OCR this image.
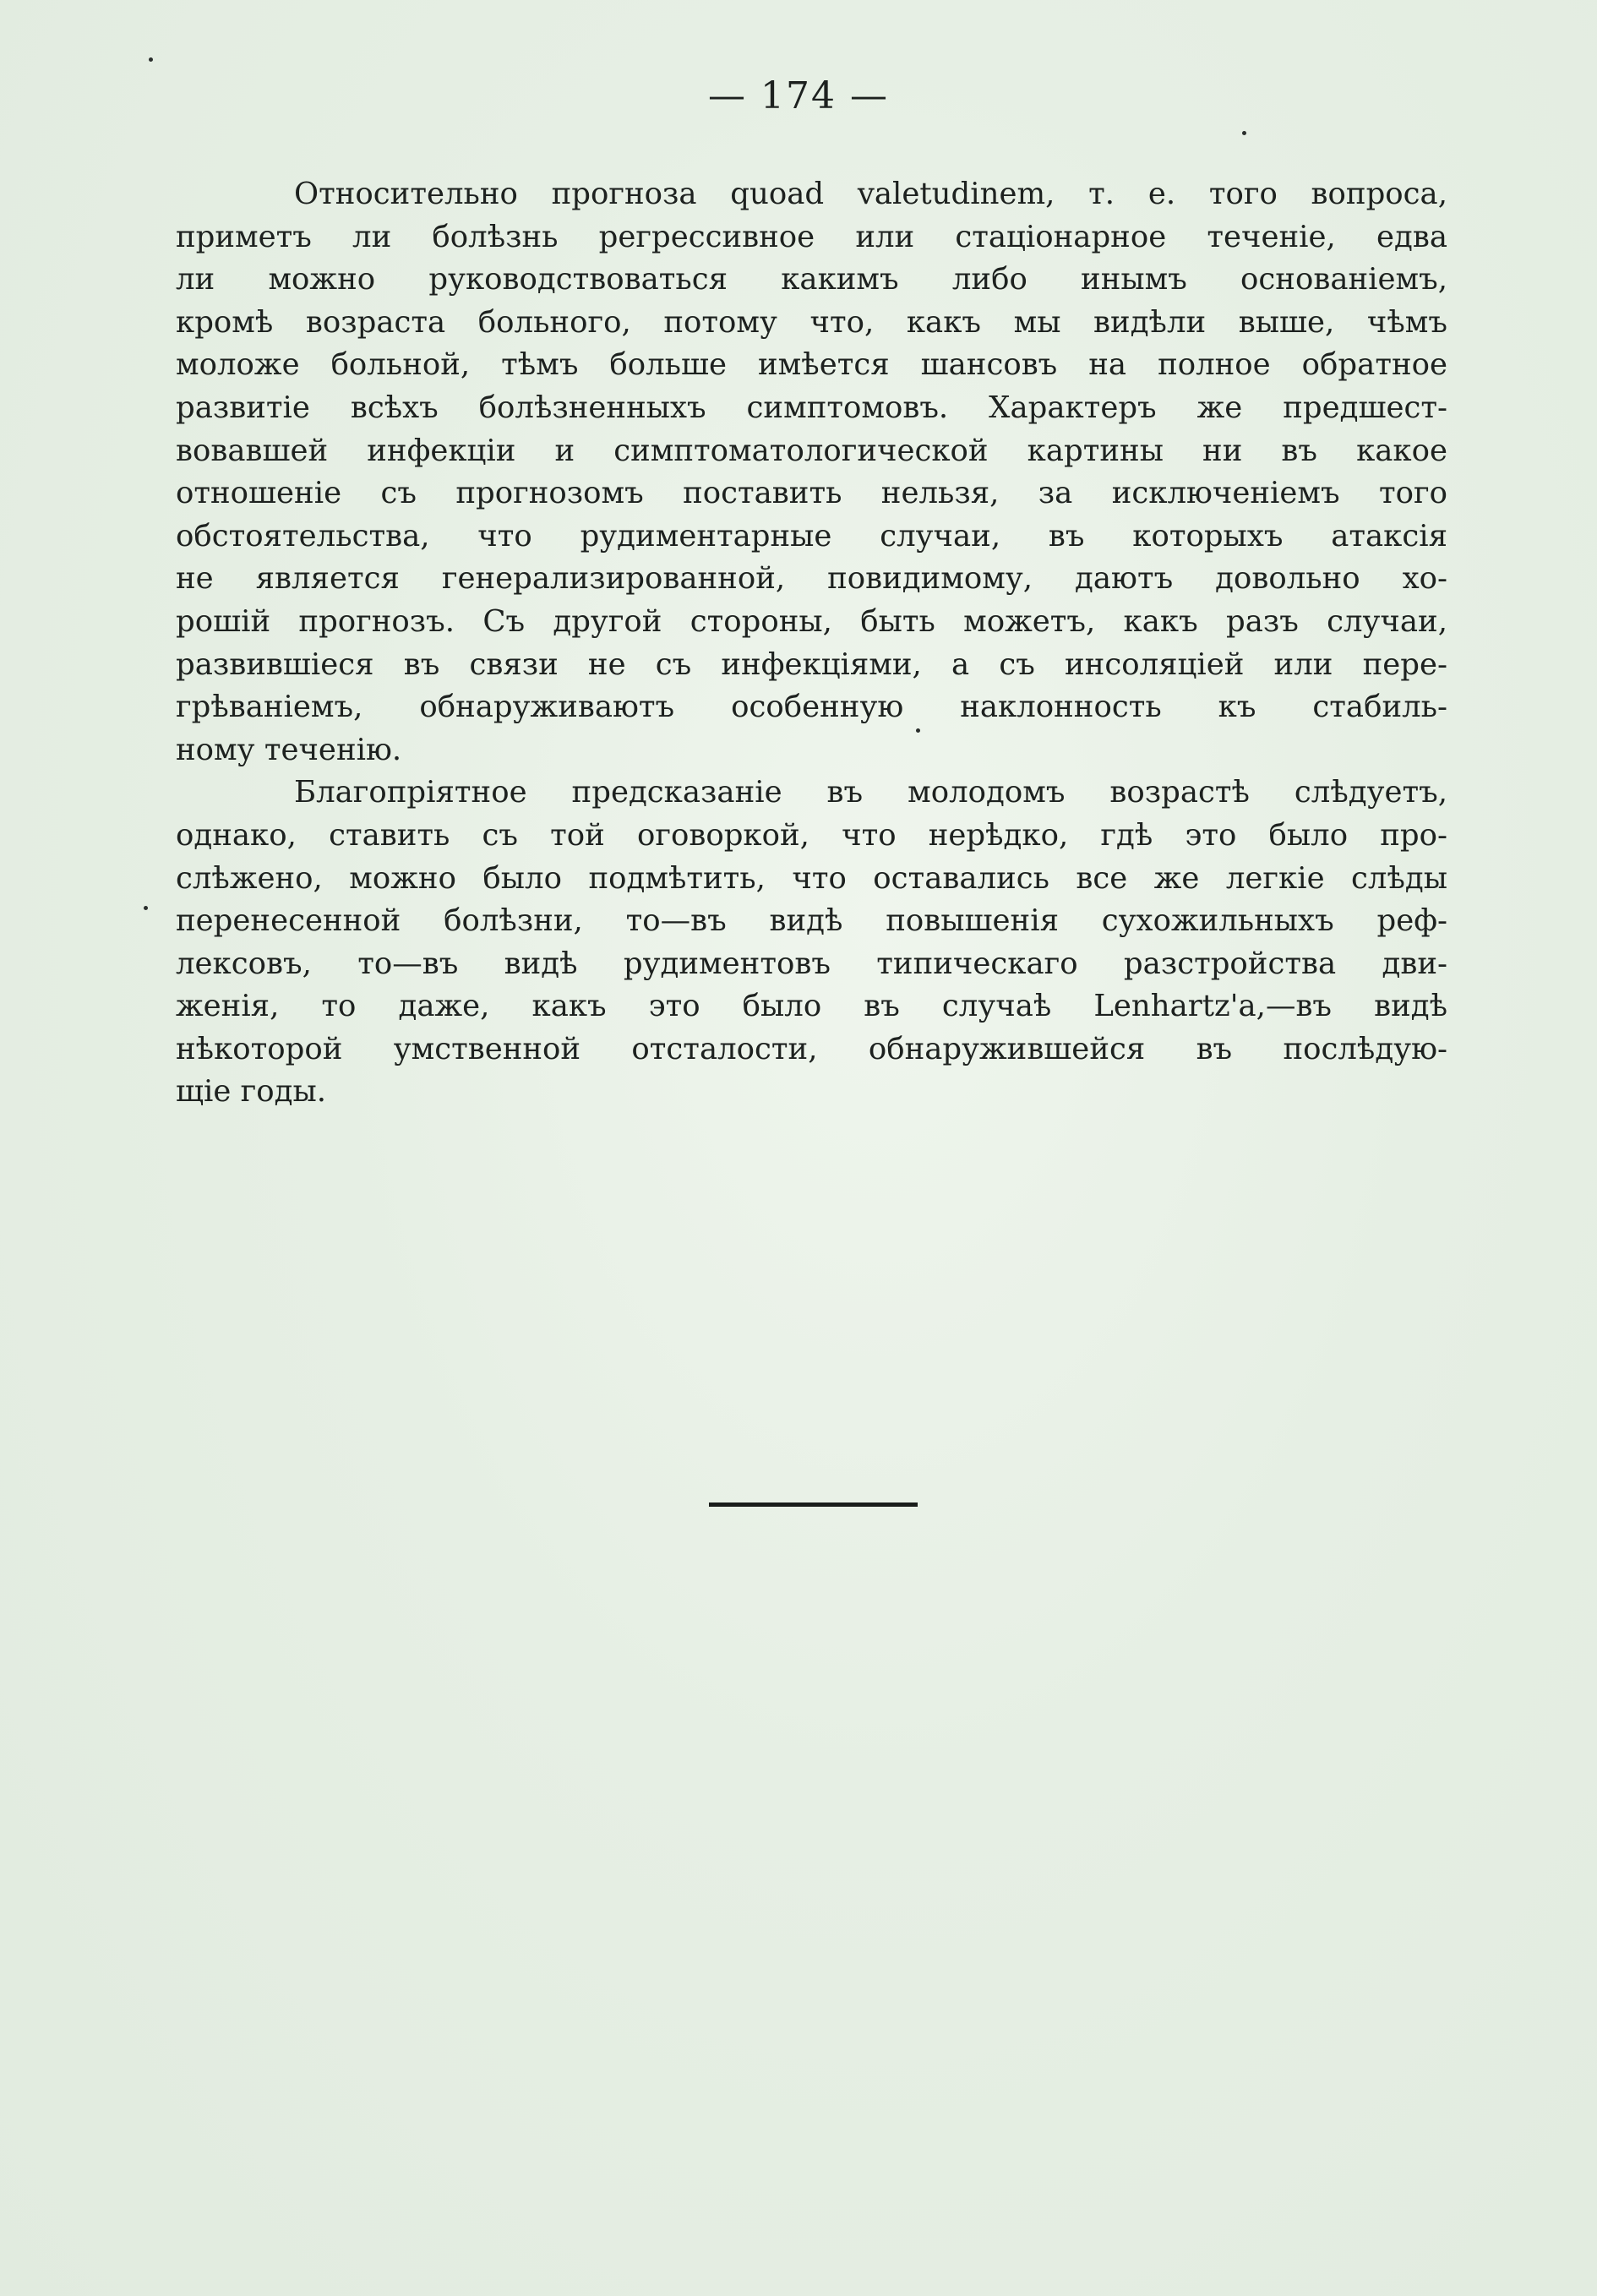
— 174 —
Относительно прогноза quoad valetudinem, т. е. того вопроса,
приметъ ли болѣзнь регрессивное или стаціонарное теченіе, едва
ли можно руководствоваться какимъ либо инымъ основаніемъ,
кромѣ возраста больного, потому что, какъ мы видѣли выше, чѣмъ
моложе больной, тѣмъ больше имѣется шансовъ на полное обратное
развитіе всѣхъ болѣзненныхъ симптомовъ. Характеръ же предшест-
вовавшей инфекціи и симптоматологической картины ни въ какое
отношеніе съ прогнозомъ поставить нельзя, за исключеніемъ того
обстоятельства, что рудиментарные случаи, въ которыхъ атаксія
не является генерализированной, повидимому, даютъ довольно хо-
рошій прогнозъ. Съ другой стороны, быть можетъ, какъ разъ случаи,
развившіеся въ связи не съ инфекціями, а съ инсоляціей или пере-
грѣваніемъ, обнаруживаютъ особенную наклонность къ стабиль-
ному теченію.
Благопріятное предсказаніе въ молодомъ возрастѣ слѣдуетъ,
однако, ставить съ той оговоркой, что нерѣдко, гдѣ это было про-
слѣжено, можно было подмѣтить, что оставались все же легкіе слѣды
перенесенной болѣзни, то—въ видѣ повышенія сухожильныхъ реф-
лексовъ, то—въ видѣ рудиментовъ типическаго разстройства дви-
женія, то даже, какъ это было въ случаѣ Lenhartz'a,—въ видѣ
нѣкоторой умственной отсталости, обнаружившейся въ послѣдую-
щіе годы.
